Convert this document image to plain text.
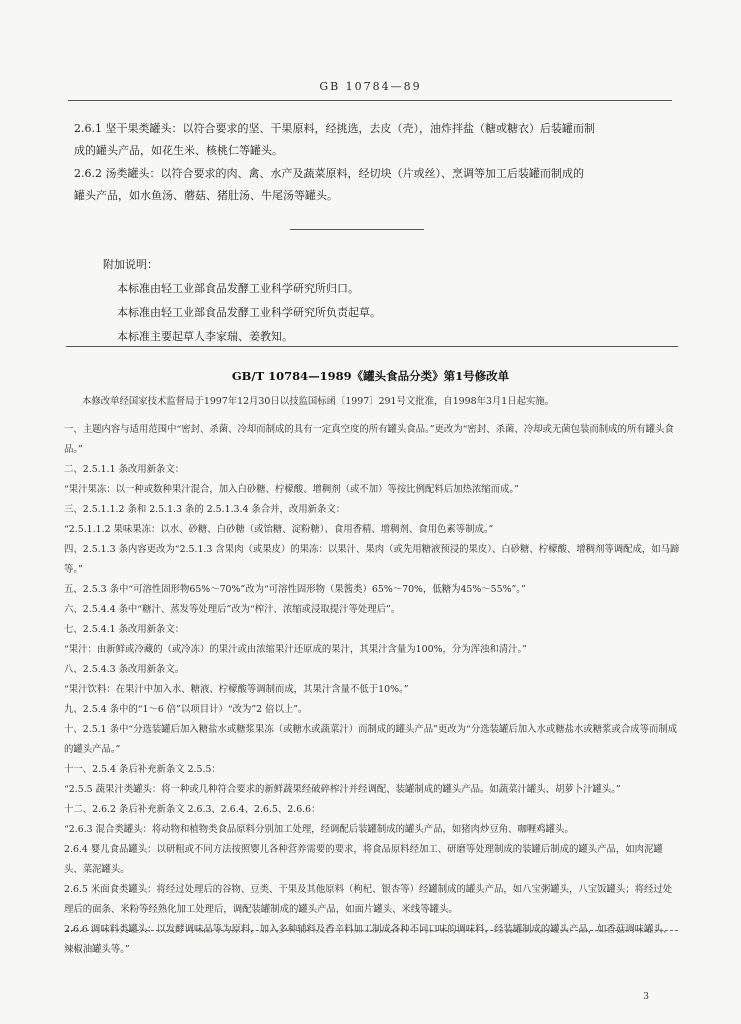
GB 10784—89
2.6.1 坚干果类罐头：以符合要求的坚、干果原料，经挑选，去皮（壳），油炸拌盐（糖或糖衣）后装罐而制
成的罐头产品，如花生米、核桃仁等罐头。
2.6.2 汤类罐头：以符合要求的肉、禽、水产及蔬菜原料，经切块（片或丝）、烹调等加工后装罐而制成的
罐头产品，如水鱼汤、蘑菇、猪肚汤、牛尾汤等罐头。
附加说明：
本标准由轻工业部食品发酵工业科学研究所归口。
本标准由轻工业部食品发酵工业科学研究所负责起草。
本标准主要起草人李家瑞、姜教知。
GB/T 10784—1989《罐头食品分类》第1号修改单
本修改单经国家技术监督局于1997年12月30日以技监国标函〔1997〕291号文批准，自1998年3月1日起实施。
一、主题内容与适用范围中“密封、杀菌、冷却而制成的具有一定真空度的所有罐头食品。”更改为“密封、杀菌、冷却或无菌包装而制成的所有罐头食品。”
二、2.5.1.1 条改用新条文：
“果汁果冻：以一种或数种果汁混合，加入白砂糖、柠檬酸、增稠剂（或不加）等按比例配料后加热浓缩而成。”
三、2.5.1.1.2 条和 2.5.1.3 条的 2.5.1.3.4 条合并，改用新条文：
“2.5.1.1.2 果味果冻：以水、砂糖、白砂糖（或饴糖、淀粉糖）、食用香精、增稠剂、食用色素等制成。”
四、2.5.1.3 条内容更改为“2.5.1.3 含果肉（或果皮）的果冻：以果汁、果肉（或先用糖液预浸的果皮）、白砂糖、柠檬酸、增稠剂等调配成，如马蹄等。”
五、2.5.3 条中“可溶性固形物65%～70%”改为“可溶性固形物（果酱类）65%～70%，低糖为45%～55%”。”
六、2.5.4.4 条中“糖汁、蒸发等处理后”改为“榨汁、浓缩或浸取提汁等处理后”。
七、2.5.4.1 条改用新条文：
“果汁：由新鲜或冷藏的（或冷冻）的果汁或由浓缩果汁还原成的果汁，其果汁含量为100%，分为浑浊和清汁。”
八、2.5.4.3 条改用新条文。
“果汁饮料：在果汁中加入水、糖液、柠檬酸等调制而成，其果汁含量不低于10%。”
九、2.5.4 条中的“1～6 倍”以项目计）“改为”2 倍以上”。
十、2.5.1 条中“分选装罐后加入糖盐水或糖浆果冻（或糖水或蔬菜汁）而制成的罐头产品”更改为“分选装罐后加入水或糖盐水或糖浆或合成等而制成的罐头产品。”
十一、2.5.4 条后补充新条文 2.5.5：
“2.5.5 蔬果汁类罐头：将一种或几种符合要求的新鲜蔬果经破碎榨汁并经调配、装罐制成的罐头产品。如蔬菜汁罐头、胡萝卜汁罐头。”
十二、2.6.2 条后补充新条文 2.6.3、2.6.4、2.6.5、2.6.6：
“2.6.3 混合类罐头：将动物和植物类食品原料分别加工处理，经调配后装罐制成的罐头产品，如猪肉炒豆角、咖喱鸡罐头。
2.6.4 婴儿食品罐头：以研粗或不同方法按照婴儿各种营养需要的要求，将食品原料经加工、研磨等处理制成的装罐后制成的罐头产品，如肉泥罐头、菜泥罐头。
2.6.5 米面食类罐头：将经过处理后的谷物、豆类、干果及其他原料（枸杞、银杏等）经罐制成的罐头产品，如八宝粥罐头，八宝饭罐头；将经过处理后的面条、米粉等经熟化加工处理后，调配装罐制成的罐头产品，如面片罐头、米线等罐头。
2.6.6 调味料类罐头：以发酵调味品等为原料，加入多种辅料及香辛料加工制成各种不同口味的调味料，经装罐制成的罐头产品，如香菇调味罐头、辣椒油罐头等。”
3
